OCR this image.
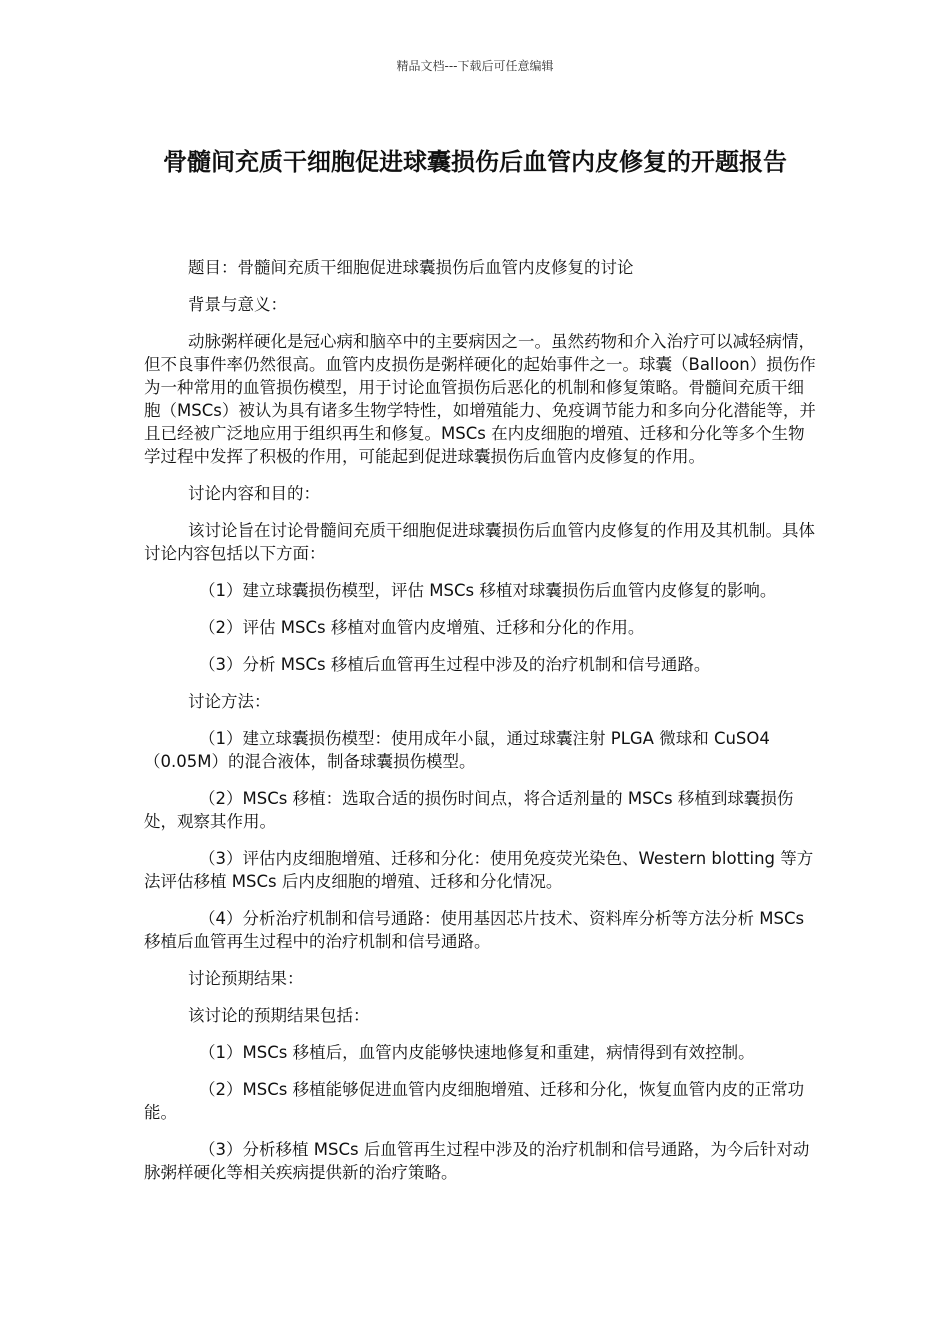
精品文档---下载后可任意编辑
骨髓间充质干细胞促进球囊损伤后血管内皮修复的开题报告

题目：骨髓间充质干细胞促进球囊损伤后血管内皮修复的讨论

背景与意义：

动脉粥样硬化是冠心病和脑卒中的主要病因之一。虽然药物和介入治疗可以减轻病情，但不良事件率仍然很高。血管内皮损伤是粥样硬化的起始事件之一。球囊（Balloon）损伤作为一种常用的血管损伤模型，用于讨论血管损伤后恶化的机制和修复策略。骨髓间充质干细胞（MSCs）被认为具有诸多生物学特性，如增殖能力、免疫调节能力和多向分化潜能等，并且已经被广泛地应用于组织再生和修复。MSCs 在内皮细胞的增殖、迁移和分化等多个生物学过程中发挥了积极的作用，可能起到促进球囊损伤后血管内皮修复的作用。

讨论内容和目的：

该讨论旨在讨论骨髓间充质干细胞促进球囊损伤后血管内皮修复的作用及其机制。具体讨论内容包括以下方面：

（1）建立球囊损伤模型，评估 MSCs 移植对球囊损伤后血管内皮修复的影响。

（2）评估 MSCs 移植对血管内皮增殖、迁移和分化的作用。

（3）分析 MSCs 移植后血管再生过程中涉及的治疗机制和信号通路。

讨论方法：

（1）建立球囊损伤模型：使用成年小鼠，通过球囊注射 PLGA 微球和 CuSO4（0.05M）的混合液体，制备球囊损伤模型。

（2）MSCs 移植：选取合适的损伤时间点，将合适剂量的 MSCs 移植到球囊损伤处，观察其作用。

（3）评估内皮细胞增殖、迁移和分化：使用免疫荧光染色、Western blotting 等方法评估移植 MSCs 后内皮细胞的增殖、迁移和分化情况。

（4）分析治疗机制和信号通路：使用基因芯片技术、资料库分析等方法分析 MSCs 移植后血管再生过程中的治疗机制和信号通路。

讨论预期结果：

该讨论的预期结果包括：

（1）MSCs 移植后，血管内皮能够快速地修复和重建，病情得到有效控制。

（2）MSCs 移植能够促进血管内皮细胞增殖、迁移和分化，恢复血管内皮的正常功能。

（3）分析移植 MSCs 后血管再生过程中涉及的治疗机制和信号通路，为今后针对动脉粥样硬化等相关疾病提供新的治疗策略。
